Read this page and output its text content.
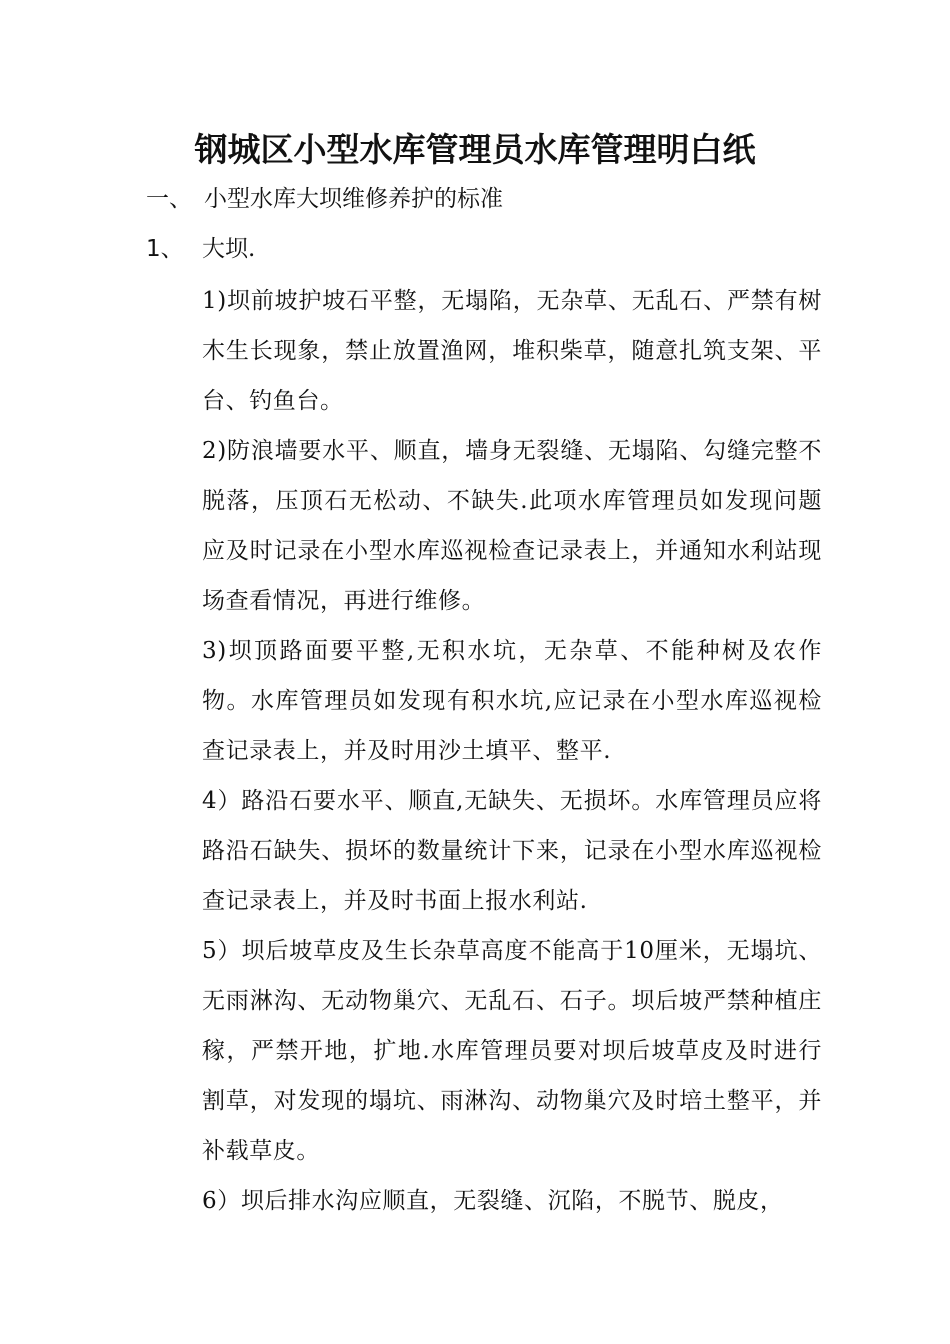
钢城区小型水库管理员水库管理明白纸
一、 小型水库大坝维修养护的标准
1、 大坝.

1)坝前坡护坡石平整，无塌陷，无杂草、无乱石、严禁有树木生长现象，禁止放置渔网，堆积柴草，随意扎筑支架、平台、钓鱼台。

2)防浪墙要水平、顺直，墙身无裂缝、无塌陷、勾缝完整不脱落，压顶石无松动、不缺失.此项水库管理员如发现问题应及时记录在小型水库巡视检查记录表上，并通知水利站现场查看情况，再进行维修。

3)坝顶路面要平整,无积水坑，无杂草、不能种树及农作物。水库管理员如发现有积水坑,应记录在小型水库巡视检查记录表上，并及时用沙土填平、整平.

4）路沿石要水平、顺直,无缺失、无损坏。水库管理员应将路沿石缺失、损坏的数量统计下来，记录在小型水库巡视检查记录表上，并及时书面上报水利站.

5）坝后坡草皮及生长杂草高度不能高于10厘米，无塌坑、无雨淋沟、无动物巢穴、无乱石、石子。坝后坡严禁种植庄稼，严禁开地，扩地.水库管理员要对坝后坡草皮及时进行割草，对发现的塌坑、雨淋沟、动物巢穴及时培土整平，并补载草皮。

6）坝后排水沟应顺直，无裂缝、沉陷，不脱节、脱皮，
